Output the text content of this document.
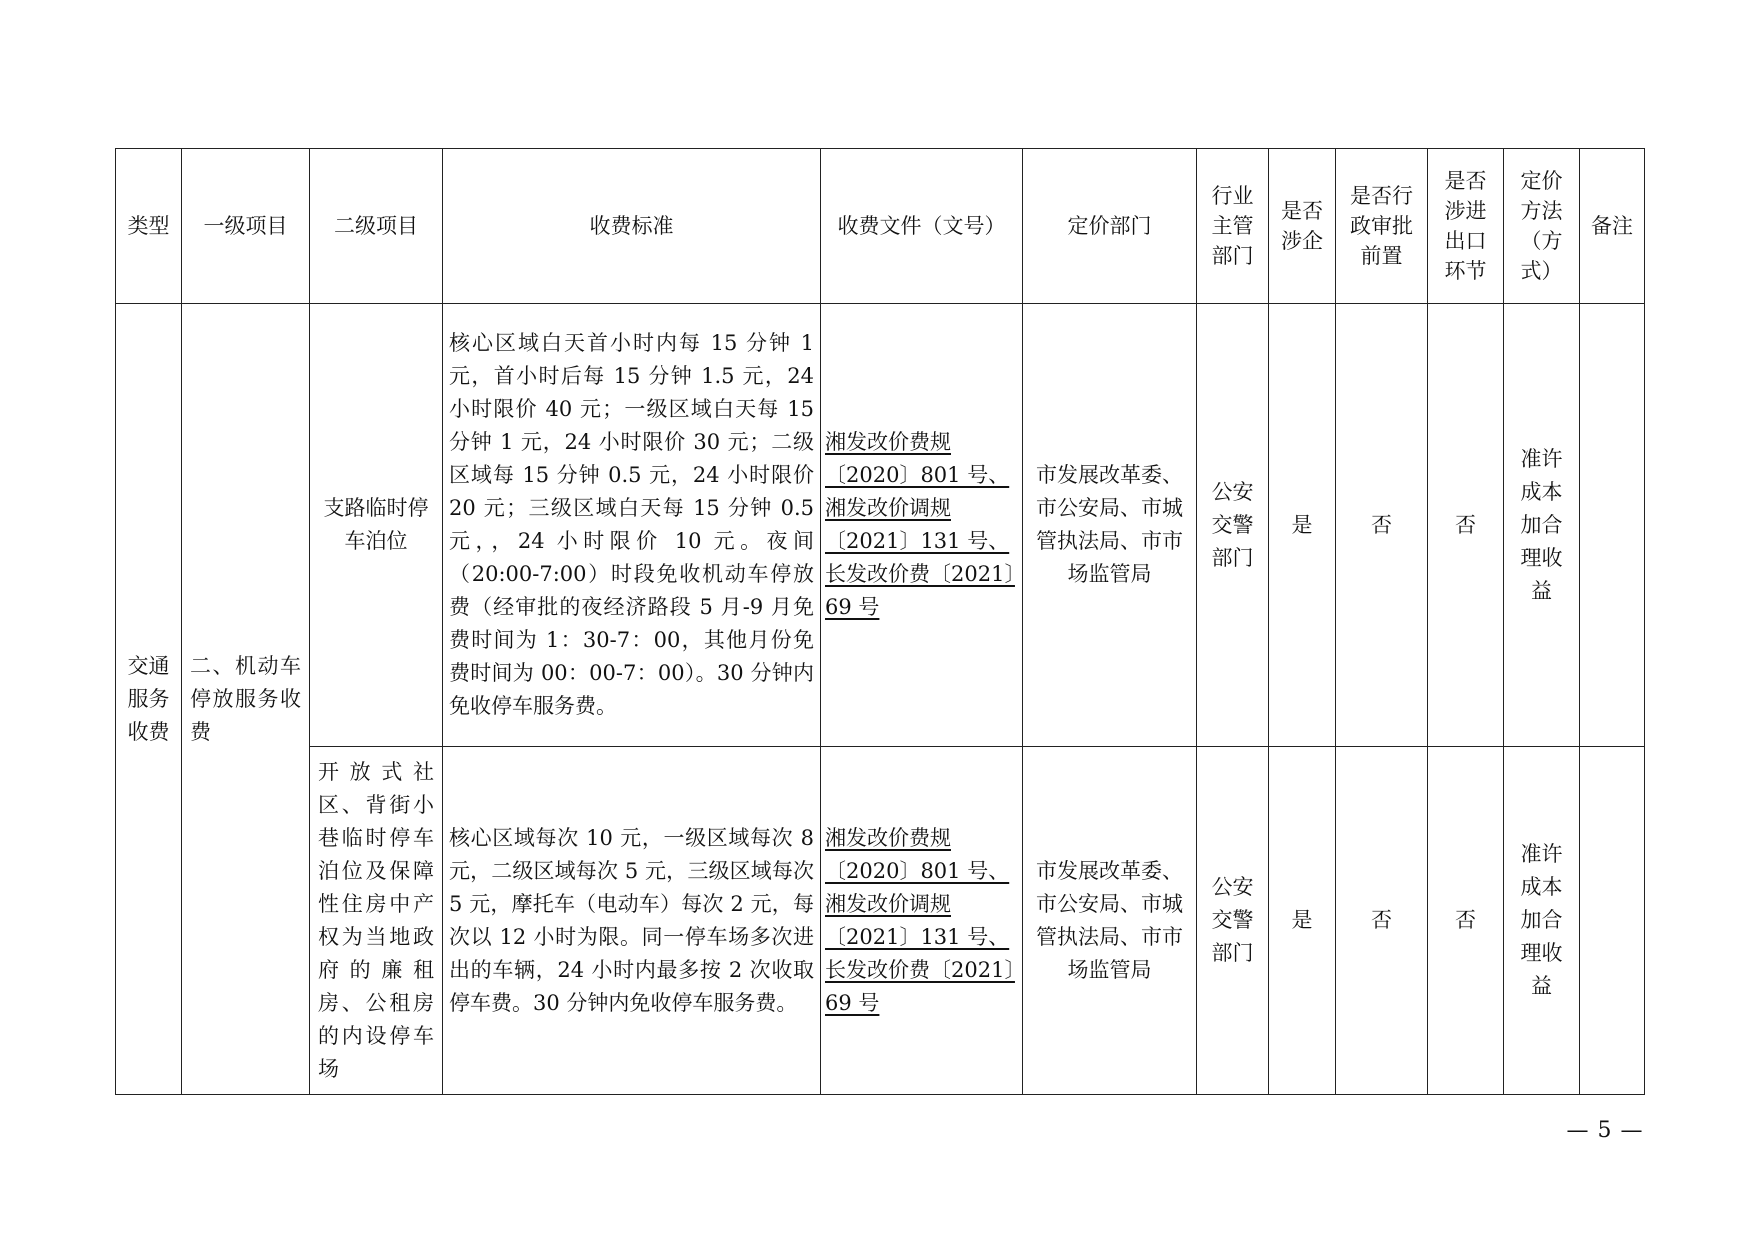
类型	一级项目	二级项目	收费标准	收费文件（文号）	定价部门	行业主管部门	是否涉企	是否行政审批前置	是否涉进出口环节	定价方法（方式）	备注
交通服务收费	二、机动车停放服务收费	支路临时停车泊位	核心区域白天首小时内每 15 分钟 1 元，首小时后每 15 分钟 1.5 元，24 小时限价 40 元；一级区域白天每 15 分钟 1 元，24 小时限价 30 元；二级区域每 15 分钟 0.5 元，24 小时限价 20 元；三级区域白天每 15 分钟 0.5 元，，24 小时限价 10 元。夜间（20:00-7:00）时段免收机动车停放费（经审批的夜经济路段 5 月-9 月免费时间为 1：30-7：00，其他月份免费时间为 00：00-7：00）。30 分钟内免收停车服务费。	湘发改价费规〔2020〕801 号、湘发改价调规〔2021〕131 号、长发改价费〔2021〕69 号	市发展改革委、市公安局、市城管执法局、市市场监管局	公安交警部门	是	否	否	准许成本加合理收益	
		开放式社区、背街小巷临时停车泊位及保障性住房中产权为当地政府的廉租房、公租房的内设停车场	核心区域每次 10 元，一级区域每次 8 元，二级区域每次 5 元，三级区域每次 5 元，摩托车（电动车）每次 2 元，每次以 12 小时为限。同一停车场多次进出的车辆，24 小时内最多按 2 次收取停车费。30 分钟内免收停车服务费。	湘发改价费规〔2020〕801 号、湘发改价调规〔2021〕131 号、长发改价费〔2021〕69 号	市发展改革委、市公安局、市城管执法局、市市场监管局	公安交警部门	是	否	否	准许成本加合理收益	
— 5 —
